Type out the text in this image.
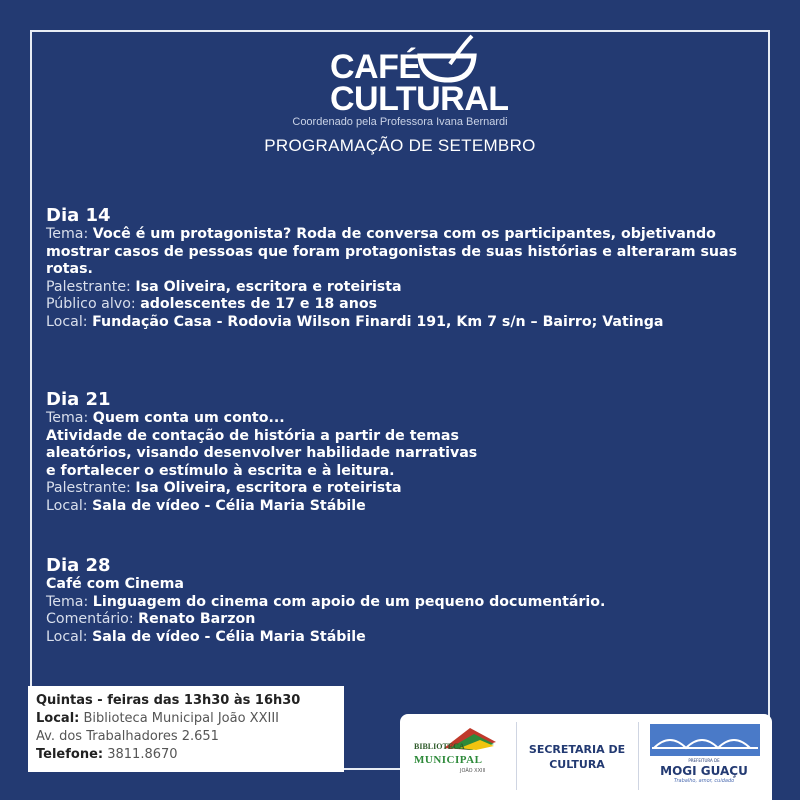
CAFÉ
CULTURAL
Coordenado pela Professora Ivana Bernardi
PROGRAMAÇÃO DE SETEMBRO
Dia 14
Tema: Você é um protagonista? Roda de conversa com os participantes, objetivando mostrar casos de pessoas que foram protagonistas de suas histórias e alteraram suas rotas.
Palestrante: Isa Oliveira, escritora e roteirista
Público alvo: adolescentes de 17 e 18 anos
Local: Fundação Casa - Rodovia Wilson Finardi 191, Km 7 s/n – Bairro; Vatinga
Dia 21
Tema: Quem conta um conto...
Atividade de contação de história a partir de temas
aleatórios, visando desenvolver habilidade narrativas
e fortalecer o estímulo à escrita e à leitura.
Palestrante: Isa Oliveira, escritora e roteirista
Local: Sala de vídeo - Célia Maria Stábile
Dia 28
Café com Cinema
Tema: Linguagem do cinema com apoio de um pequeno documentário.
Comentário: Renato Barzon
Local: Sala de vídeo - Célia Maria Stábile
Quintas - feiras das 13h30 às 16h30
Local: Biblioteca Municipal João XXIII
Av. dos Trabalhadores 2.651
Telefone: 3811.8670
BIBLIOTECA
MUNICIPAL
JOÃO XXIII
SECRETARIA DE CULTURA	PREFEITURA DE
MOGI GUAÇU
Trabalho, amor, cuidado
